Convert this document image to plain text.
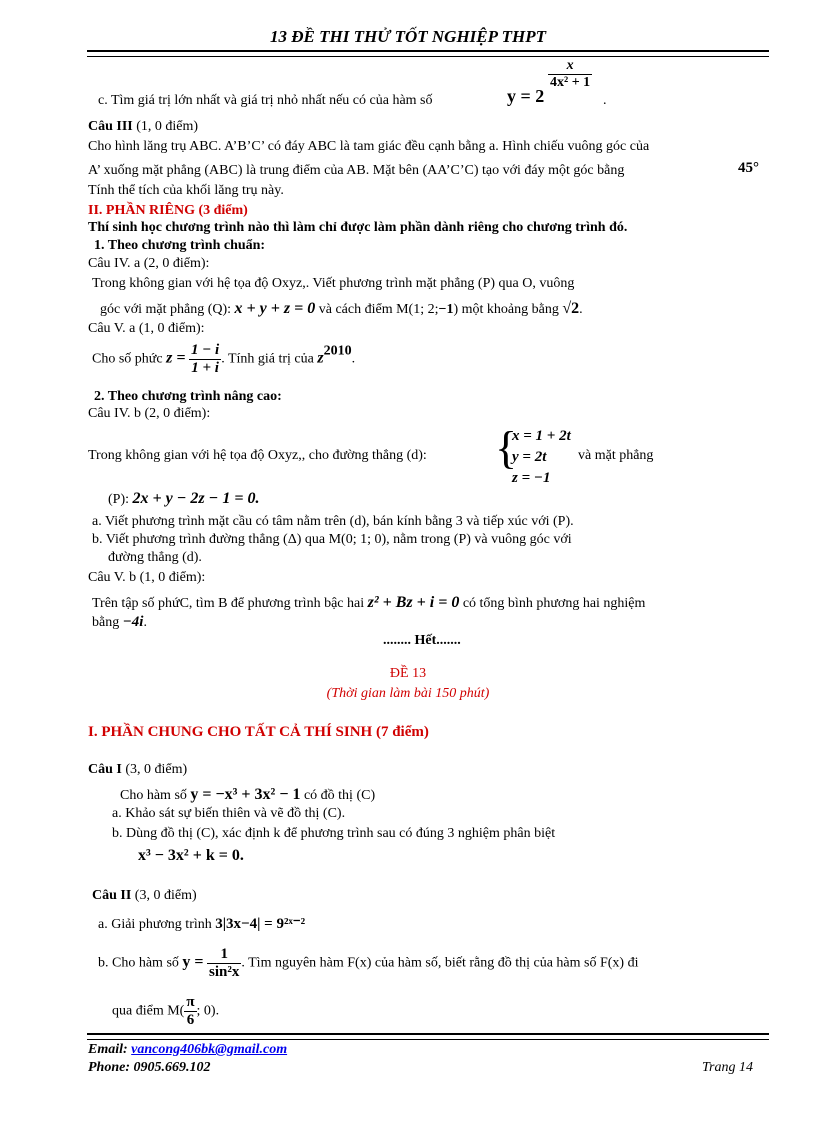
13 ĐỀ THI THỬ TỐT NGHIỆP THPT
c. Tìm giá trị lớn nhất và giá trị nhỏ nhất nếu có của hàm số	y = 2
$\frac{x}{\text{4x² + 1}}$
.
Câu III (1, 0 điểm)
Cho hình lăng trụ ABC. A’B’C’ có đáy ABC là tam giác đều cạnh bằng a. Hình chiếu vuông góc của
A’ xuống mặt phẳng (ABC) là trung điểm của AB. Mặt bên (AA’C’C) tạo với đáy một góc bằng	45°
Tính thể tích của khối lăng trụ này.
II. PHẦN RIÊNG (3 điểm)
Thí sinh học chương trình nào thì làm chỉ được làm phần dành riêng cho chương trình đó.
1. Theo chương trình chuẩn:
Câu IV. a (2, 0 điểm):
Trong không gian với hệ tọa độ Oxyz,. Viết phương trình mặt phẳng (P) qua O, vuông
góc với mặt phẳng (Q): x + y + z = 0 và cách điểm M(1; 2;−1) một khoảng bằng √2.
Câu V. a (1, 0 điểm):
Cho số phức $z = \frac{1 - i}{1 + i}$ . Tính giá trị của $z^{2010}$.
2. Theo chương trình nâng cao:
Câu IV. b (2, 0 điểm):
Trong không gian với hệ tọa độ Oxyz,, cho đường thẳng (d): {
x = 1 + 2t
y = 2t
z = −1
và mặt phẳng
(P): 2x + y − 2z − 1 = 0.
a. Viết phương trình mặt cầu có tâm nằm trên (d), bán kính bằng 3 và tiếp xúc với (P).
b. Viết phương trình đường thẳng (Δ) qua M(0; 1; 0), nằm trong (P) và vuông góc với
đường thẳng (d).
Câu V. b (1, 0 điểm):
Trên tập số phứC, tìm B để phương trình bậc hai z² + Bz + i = 0 có tổng bình phương hai nghiệm
bằng −4i.
........ Hết.......
ĐỀ 13
(Thời gian làm bài 150 phút)
I. PHẦN CHUNG CHO TẤT CẢ THÍ SINH (7 điểm)
Câu I (3, 0 điểm)
Cho hàm số y = −x³ + 3x² − 1 có đồ thị (C)
a. Khảo sát sự biến thiên và vẽ đồ thị (C).
b. Dùng đồ thị (C), xác định k để phương trình sau có đúng 3 nghiệm phân biệt
x³ − 3x² + k = 0.
Câu II (3, 0 điểm)
a. Giải phương trình 3|3x−4| = 9²ˣ⁻²
b. Cho hàm số $y = \frac{1}{\text{sin²x}}$ . Tìm nguyên hàm F(x) của hàm số, biết rằng đồ thị của hàm số F(x) đi
qua điểm $M( \frac{\pi}{6}$ ; 0).
Email: vancong406bk@gmail.com
Phone: 0905.669.102	Trang 14
